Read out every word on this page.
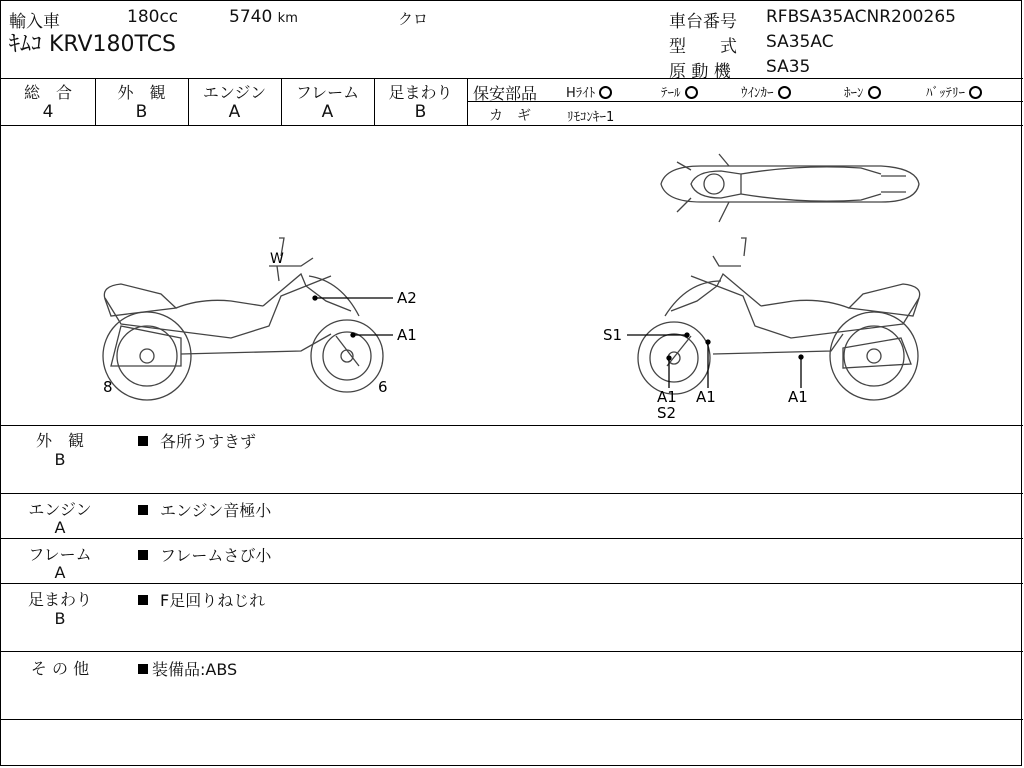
輸入車	180cc	5740 km	クロ
ｷﾑｺ KRV180TCS
車台番号 RFBSA35ACNR200265
型　　式 SA35AC
原 動 機 SA35
総　合
4
外　観
B
エンジン
A
フレーム
A
足まわり
B
保安部品 Hﾗｲﾄ	ﾃｰﾙ	ｳｲﾝｶｰ	ﾎｰﾝ	ﾊﾞｯﾃﾘｰ
カ　ギ	ﾘﾓｺﾝｷｰ1
W
A2
A1
8	6
S1
A1
S2
A1	A1
外　観
B
各所うすきず
エンジン
A
エンジン音極小
フレーム
A
フレームさび小
足まわり
B
F足回りねじれ
そ の 他	装備品:ABS
